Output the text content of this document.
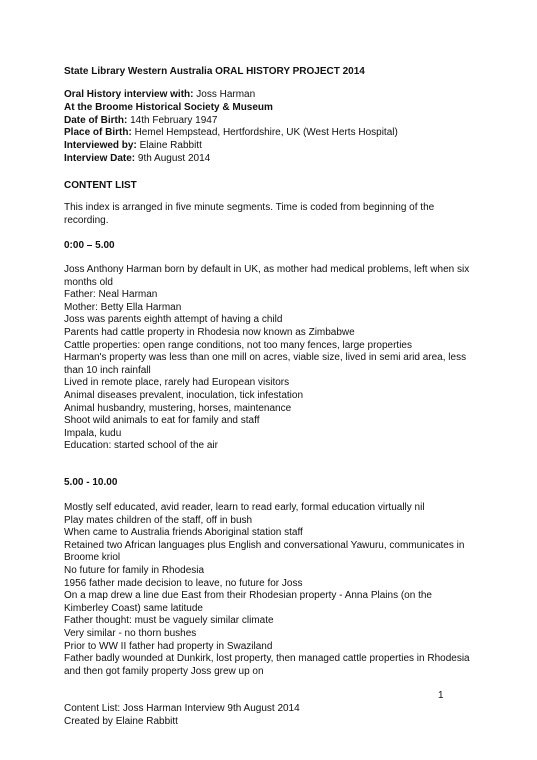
State Library Western Australia ORAL HISTORY PROJECT 2014
Oral History interview with: Joss Harman
At the Broome Historical Society & Museum
Date of Birth: 14th February 1947
Place of Birth: Hemel Hempstead, Hertfordshire, UK (West Herts Hospital)
Interviewed by: Elaine Rabbitt
Interview Date: 9th August 2014
CONTENT LIST
This index is arranged in five minute segments. Time is coded from beginning of the recording.
0:00 – 5.00
Joss Anthony Harman born by default in UK, as mother had medical problems, left when six months old
Father: Neal Harman
Mother: Betty Ella Harman
Joss was parents eighth attempt of having a child
Parents had cattle property in Rhodesia now known as Zimbabwe
Cattle properties: open range conditions, not too many fences, large properties
Harman's property was less than one mill on acres, viable size, lived in semi arid area, less than 10 inch rainfall
Lived in remote place, rarely had European visitors
Animal diseases prevalent, inoculation, tick infestation
Animal husbandry, mustering, horses, maintenance
Shoot wild animals to eat for family and staff
Impala, kudu
Education: started school of the air
5.00 - 10.00
Mostly self educated, avid reader, learn to read early, formal education virtually nil
Play mates children of the staff, off in bush
When came to Australia friends Aboriginal station staff
Retained two African languages plus English and conversational Yawuru, communicates in Broome kriol
No future for family in Rhodesia
1956 father made decision to leave, no future for Joss
On a map drew a line due East from their Rhodesian property - Anna Plains (on the Kimberley Coast) same latitude
Father thought: must be vaguely similar climate
Very similar - no thorn bushes
Prior to WW II father had property in Swaziland
Father badly wounded at Dunkirk, lost property, then managed cattle properties in Rhodesia and then got family property Joss grew up on
1
Content List: Joss Harman Interview 9th August 2014
Created by Elaine Rabbitt
